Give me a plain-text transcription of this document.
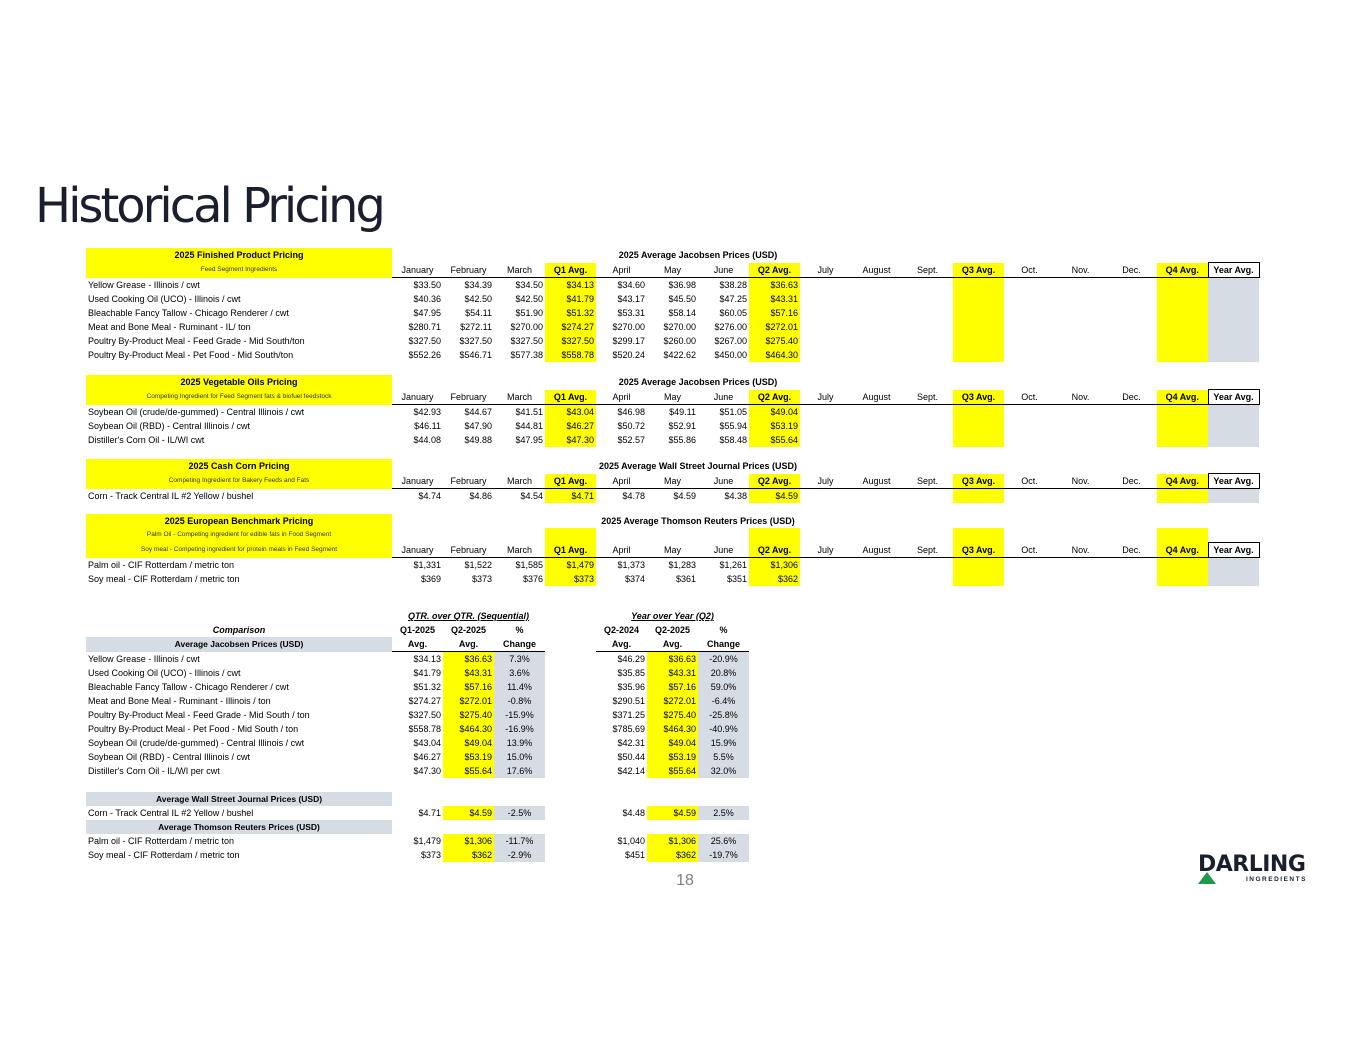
Historical Pricing
2025 Finished Product Pricing				2025 Average Jacobsen Prices (USD)													
Feed Segment Ingredients	January	February	March	Q1 Avg.	April	May	June	Q2 Avg.	July	August	Sept.	Q3 Avg.	Oct.	Nov.	Dec.	Q4 Avg.	Year Avg.
Yellow Grease - Illinois / cwt	$33.50	$34.39	$34.50	$34.13	$34.60	$36.98	$38.28	$36.63									
Used Cooking Oil (UCO) - Illinois / cwt	$40.36	$42.50	$42.50	$41.79	$43.17	$45.50	$47.25	$43.31									
Bleachable Fancy Tallow - Chicago Renderer / cwt	$47.95	$54.11	$51.90	$51.32	$53.31	$58.14	$60.05	$57.16									
Meat and Bone Meal - Ruminant - IL/ ton	$280.71	$272.11	$270.00	$274.27	$270.00	$270.00	$276.00	$272.01									
Poultry By-Product Meal - Feed Grade - Mid South/ton	$327.50	$327.50	$327.50	$327.50	$299.17	$260.00	$267.00	$275.40									
Poultry By-Product Meal - Pet Food - Mid South/ton	$552.26	$546.71	$577.38	$558.78	$520.24	$422.62	$450.00	$464.30									
2025 Vegetable Oils Pricing				2025 Average Jacobsen Prices (USD)													
Competing Ingredient for Feed Segment fats & biofuel feedstock	January	February	March	Q1 Avg.	April	May	June	Q2 Avg.	July	August	Sept.	Q3 Avg.	Oct.	Nov.	Dec.	Q4 Avg.	Year Avg.
Soybean Oil (crude/de-gummed) - Central Illinois / cwt	$42.93	$44.67	$41.51	$43.04	$46.98	$49.11	$51.05	$49.04									
Soybean Oil (RBD) - Central Illinois / cwt	$46.11	$47.90	$44.81	$46.27	$50.72	$52.91	$55.94	$53.19									
Distiller's Corn Oil - IL/WI cwt	$44.08	$49.88	$47.95	$47.30	$52.57	$55.86	$58.48	$55.64									
2025 Cash Corn Pricing				2025 Average Wall Street Journal Prices (USD)													
Competing Ingredient for Bakery Feeds and Fats	January	February	March	Q1 Avg.	April	May	June	Q2 Avg.	July	August	Sept.	Q3 Avg.	Oct.	Nov.	Dec.	Q4 Avg.	Year Avg.
Corn - Track Central IL #2 Yellow / bushel	$4.74	$4.86	$4.54	$4.71	$4.78	$4.59	$4.38	$4.59									
2025 European Benchmark Pricing				2025 Average Thomson Reuters Prices (USD)													
Palm Oil - Competing ingredient for edible fats in Food Segment																	
Soy meal - Competing ingredient for protein meals in Feed Segment	January	February	March	Q1 Avg.	April	May	June	Q2 Avg.	July	August	Sept.	Q3 Avg.	Oct.	Nov.	Dec.	Q4 Avg.	Year Avg.
Palm oil - CIF Rotterdam / metric ton	$1,331	$1,522	$1,585	$1,479	$1,373	$1,283	$1,261	$1,306									
Soy meal - CIF Rotterdam / metric ton	$369	$373	$376	$373	$374	$361	$351	$362									
	QTR. over QTR. (Sequential)				Year over Year (Q2)		
Comparison	Q1-2025	Q2-2025	%		Q2-2024	Q2-2025	%
Average Jacobsen Prices (USD)	Avg.	Avg.	Change		Avg.	Avg.	Change
Yellow Grease - Illinois / cwt	$34.13	$36.63	7.3%		$46.29	$36.63	-20.9%
Used Cooking Oil (UCO) - Illinois / cwt	$41.79	$43.31	3.6%		$35.85	$43.31	20.8%
Bleachable Fancy Tallow - Chicago Renderer / cwt	$51.32	$57.16	11.4%		$35.96	$57.16	59.0%
Meat and Bone Meal - Ruminant - Illinois / ton	$274.27	$272.01	-0.8%		$290.51	$272.01	-6.4%
Poultry By-Product Meal - Feed Grade - Mid South / ton	$327.50	$275.40	-15.9%		$371.25	$275.40	-25.8%
Poultry By-Product Meal - Pet Food - Mid South / ton	$558.78	$464.30	-16.9%		$785.69	$464.30	-40.9%
Soybean Oil (crude/de-gummed) - Central Illinois / cwt	$43.04	$49.04	13.9%		$42.31	$49.04	15.9%
Soybean Oil (RBD) - Central Illinois / cwt	$46.27	$53.19	15.0%		$50.44	$53.19	5.5%
Distiller's Corn Oil - IL/WI per cwt	$47.30	$55.64	17.6%		$42.14	$55.64	32.0%

Average Wall Street Journal Prices (USD)							
Corn - Track Central IL #2 Yellow / bushel	$4.71	$4.59	-2.5%		$4.48	$4.59	2.5%
Average Thomson Reuters Prices (USD)							
Palm oil - CIF Rotterdam / metric ton	$1,479	$1,306	-11.7%		$1,040	$1,306	25.6%
Soy meal - CIF Rotterdam / metric ton	$373	$362	-2.9%		$451	$362	-19.7%
18
DARLING
INGREDIENTS
